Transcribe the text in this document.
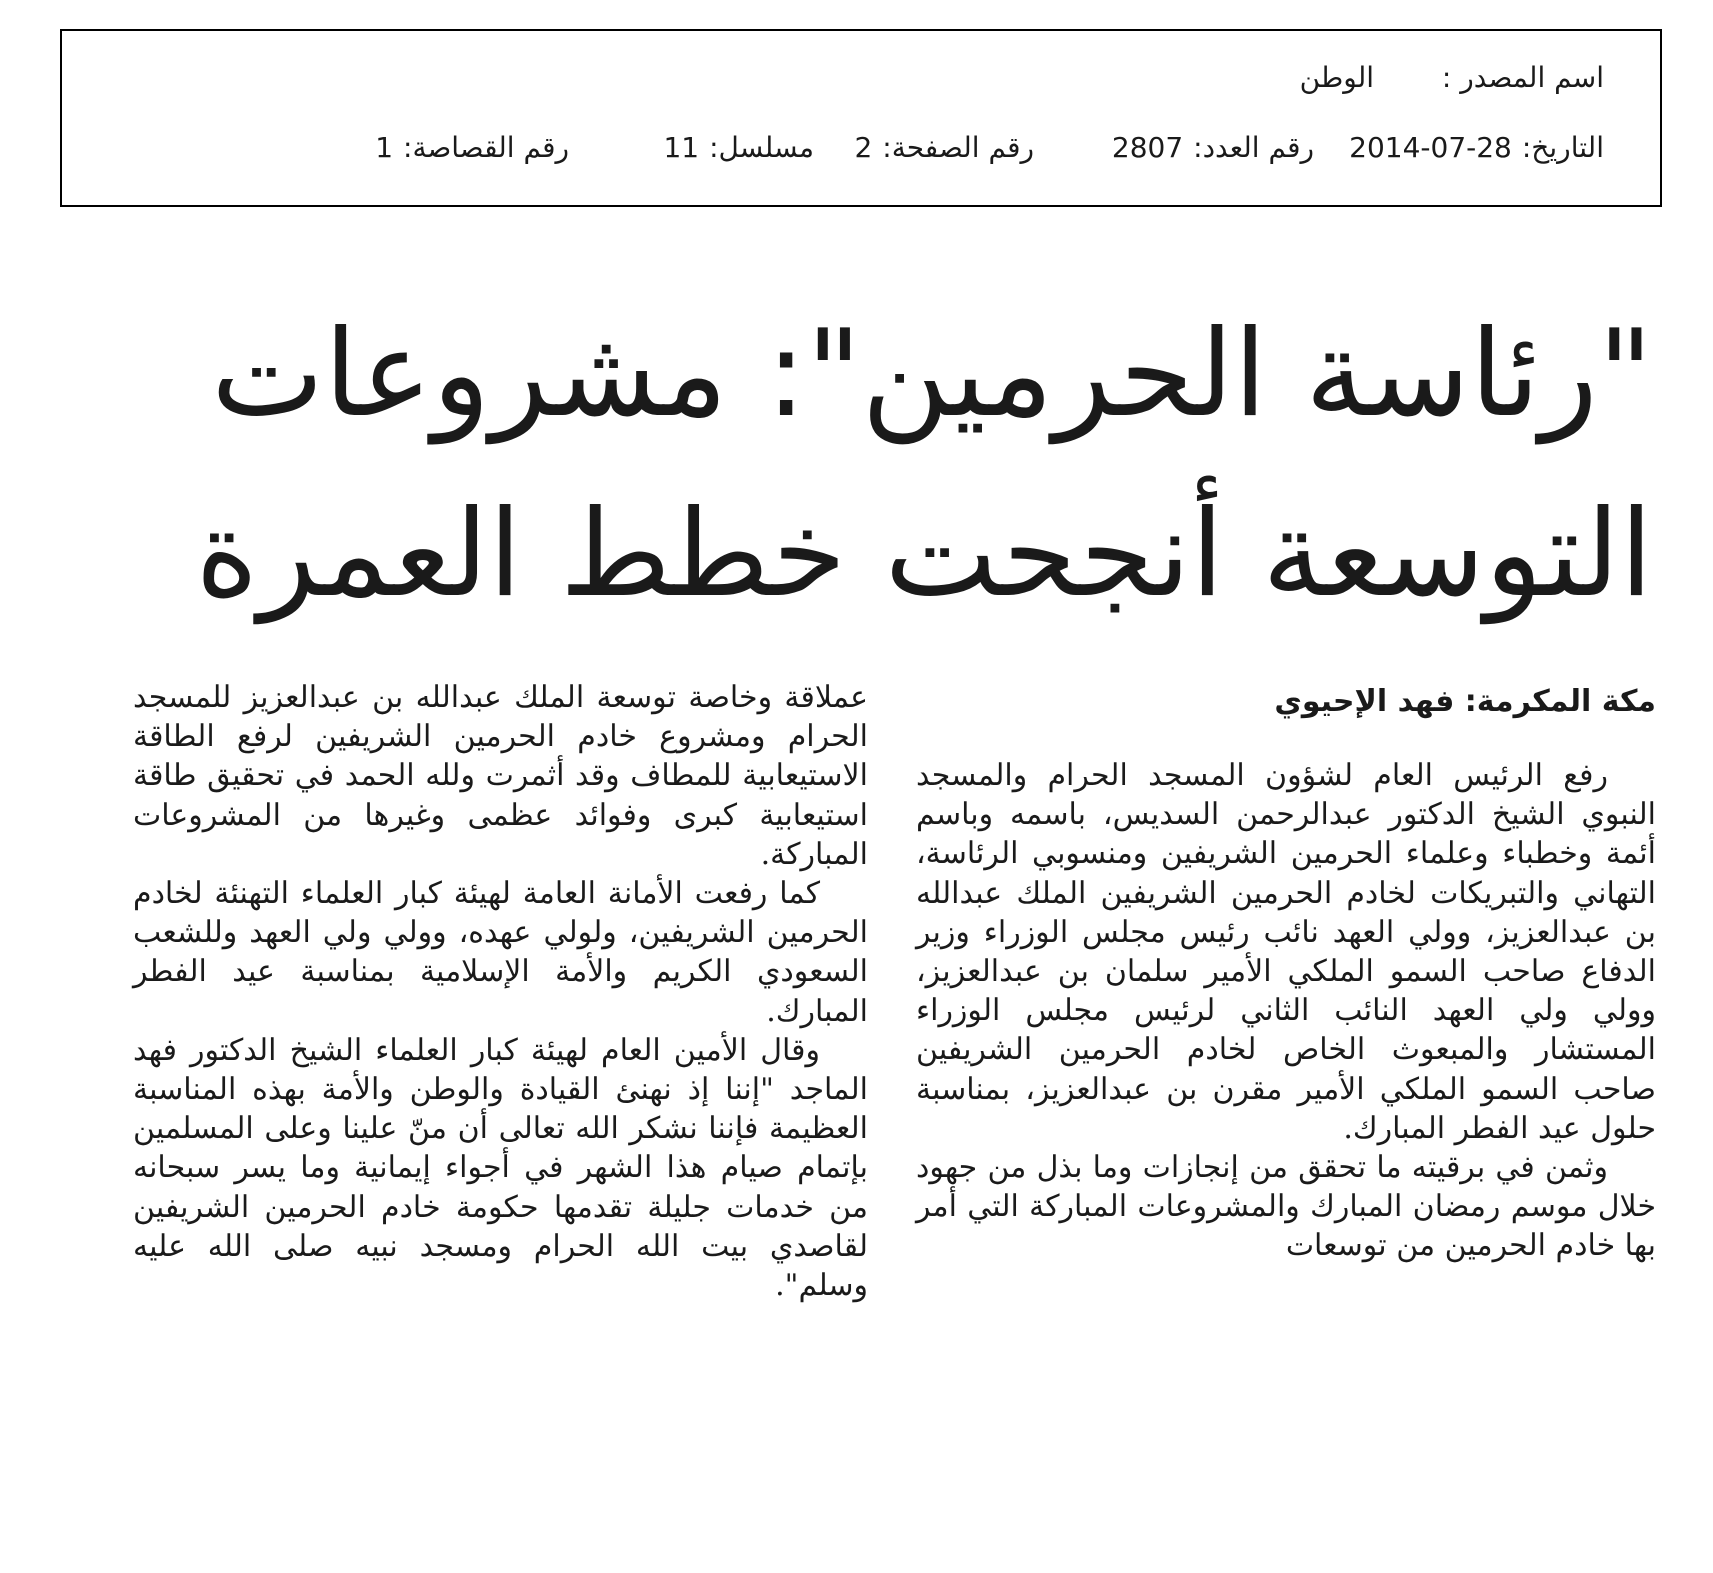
اسم المصدر :
الوطن
التاريخ:
2014-07-28
رقم العدد:
2807
رقم الصفحة:
2
مسلسل:
11
رقم القصاصة:
1
"رئاسة الحرمين": مشروعات
التوسعة أنجحت خطط العمرة
مكة المكرمة: فهد الإحيوي

رفع الرئيس العام لشؤون المسجد الحرام والمسجد النبوي الشيخ الدكتور عبدالرحمن السديس، باسمه وباسم أئمة وخطباء وعلماء الحرمين الشريفين ومنسوبي الرئاسة، التهاني والتبريكات لخادم الحرمين الشريفين الملك عبدالله بن عبدالعزيز، وولي العهد نائب رئيس مجلس الوزراء وزير الدفاع صاحب السمو الملكي الأمير سلمان بن عبدالعزيز، وولي ولي العهد النائب الثاني لرئيس مجلس الوزراء المستشار والمبعوث الخاص لخادم الحرمين الشريفين صاحب السمو الملكي الأمير مقرن بن عبدالعزيز، بمناسبة حلول عيد الفطر المبارك.

وثمن في برقيته ما تحقق من إنجازات وما بذل من جهود خلال موسم رمضان المبارك والمشروعات المباركة التي أمر بها خادم الحرمين من توسعات

عملاقة وخاصة توسعة الملك عبدالله بن عبدالعزيز للمسجد الحرام ومشروع خادم الحرمين الشريفين لرفع الطاقة الاستيعابية للمطاف وقد أثمرت ولله الحمد في تحقيق طاقة استيعابية كبرى وفوائد عظمى وغيرها من المشروعات المباركة.

كما رفعت الأمانة العامة لهيئة كبار العلماء التهنئة لخادم الحرمين الشريفين، ولولي عهده، وولي ولي العهد وللشعب السعودي الكريم والأمة الإسلامية بمناسبة عيد الفطر المبارك.

وقال الأمين العام لهيئة كبار العلماء الشيخ الدكتور فهد الماجد "إننا إذ نهنئ القيادة والوطن والأمة بهذه المناسبة العظيمة فإننا نشكر الله تعالى أن منّ علينا وعلى المسلمين بإتمام صيام هذا الشهر في أجواء إيمانية وما يسر سبحانه من خدمات جليلة تقدمها حكومة خادم الحرمين الشريفين لقاصدي بيت الله الحرام ومسجد نبيه صلى الله عليه وسلم".
